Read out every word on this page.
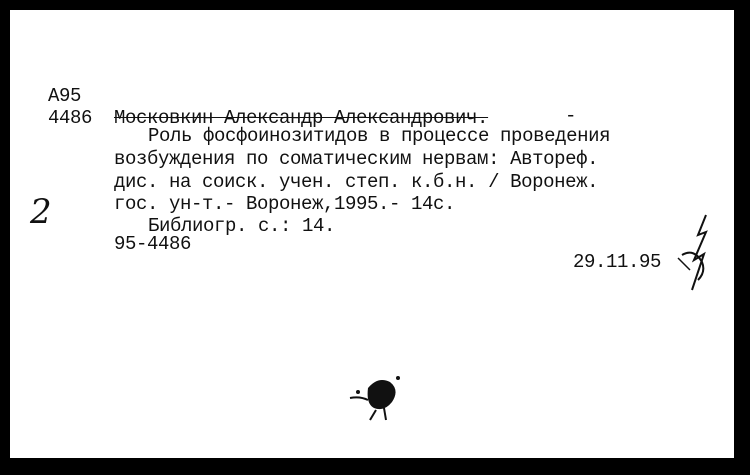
А95
4486 Московкин Александр Александрович.	-
Роль фосфоинозитидов в процессе проведения
возбуждения по соматическим нервам: Автореф.
дис. на соиск. учен. степ. к.б.н. / Воронеж.
гос. ун-т.- Воронеж,1995.- 14с.
Библиогр. с.: 14.
95-4486
29.11.95
2
